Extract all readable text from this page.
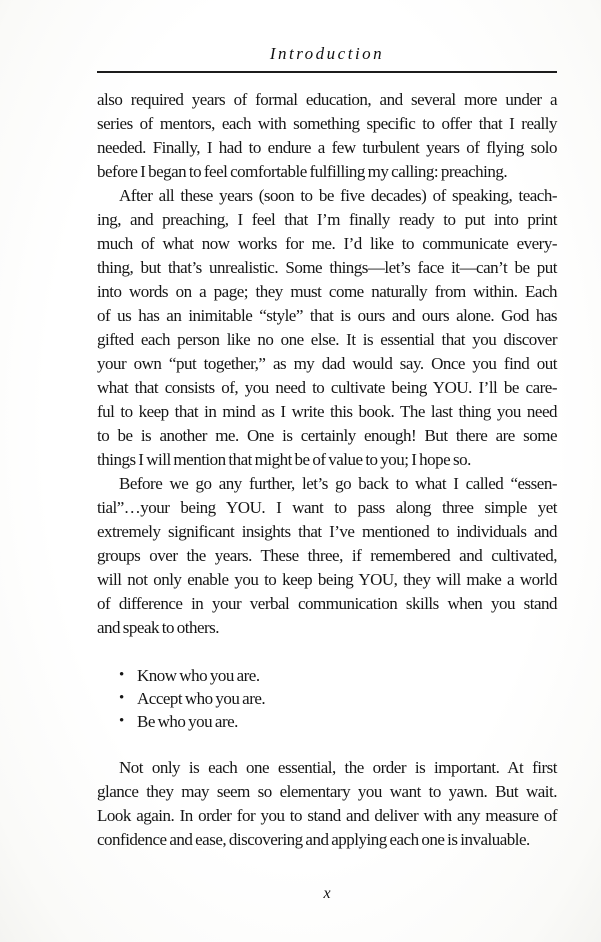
Introduction
also required years of formal education, and several more under a
series of mentors, each with something specific to offer that I really
needed. Finally, I had to endure a few turbulent years of flying solo
before I began to feel comfortable fulfilling my calling: preaching.
After all these years (soon to be five decades) of speaking, teach-
ing, and preaching, I feel that I’m finally ready to put into print
much of what now works for me. I’d like to communicate every-
thing, but that’s unrealistic. Some things—let’s face it—can’t be put
into words on a page; they must come naturally from within. Each
of us has an inimitable “style” that is ours and ours alone. God has
gifted each person like no one else. It is essential that you discover
your own “put together,” as my dad would say. Once you find out
what that consists of, you need to cultivate being YOU. I’ll be care-
ful to keep that in mind as I write this book. The last thing you need
to be is another me. One is certainly enough! But there are some
things I will mention that might be of value to you; I hope so.
Before we go any further, let’s go back to what I called “essen-
tial”…your being YOU. I want to pass along three simple yet
extremely significant insights that I’ve mentioned to individuals and
groups over the years. These three, if remembered and cultivated,
will not only enable you to keep being YOU, they will make a world
of difference in your verbal communication skills when you stand
and speak to others.
• Know who you are.
• Accept who you are.
• Be who you are.
Not only is each one essential, the order is important. At first
glance they may seem so elementary you want to yawn. But wait.
Look again. In order for you to stand and deliver with any measure of
confidence and ease, discovering and applying each one is invaluable.
x
